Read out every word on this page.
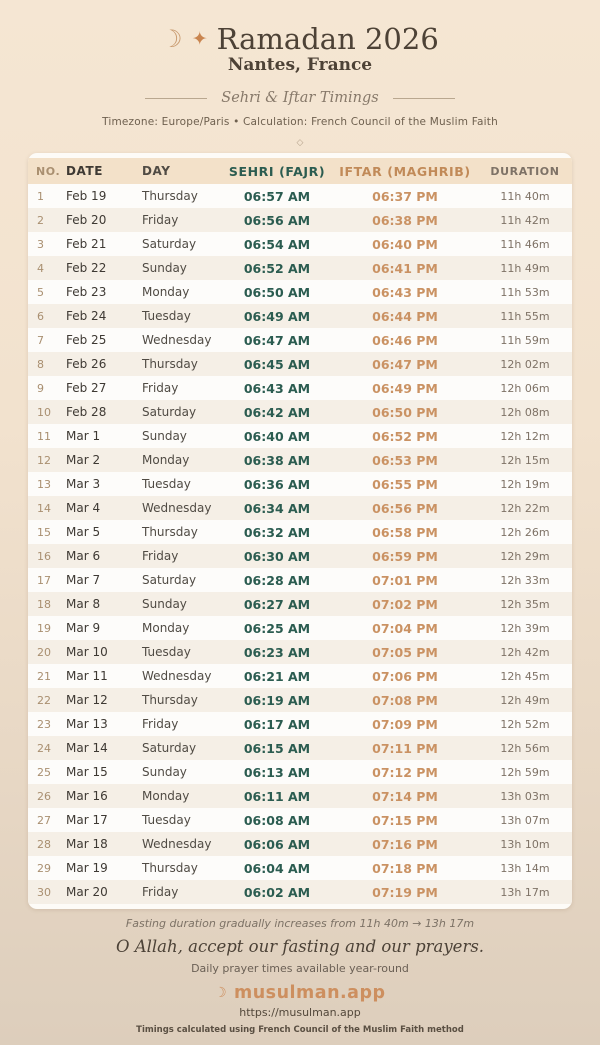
☾ ✦ Ramadan 2026
Nantes, France
Sehri & Iftar Timings
Timezone: Europe/Paris • Calculation: French Council of the Muslim Faith
◇
NO. DATE	DAY	SEHRI (FAJR)	IFTAR (MAGHRIB)	DURATION
1	Feb 19	Thursday	06:57 AM	06:37 PM	11h 40m
2	Feb 20	Friday	06:56 AM	06:38 PM	11h 42m
3	Feb 21	Saturday	06:54 AM	06:40 PM	11h 46m
4	Feb 22	Sunday	06:52 AM	06:41 PM	11h 49m
5	Feb 23	Monday	06:50 AM	06:43 PM	11h 53m
6	Feb 24	Tuesday	06:49 AM	06:44 PM	11h 55m
7	Feb 25	Wednesday	06:47 AM	06:46 PM	11h 59m
8	Feb 26	Thursday	06:45 AM	06:47 PM	12h 02m
9	Feb 27	Friday	06:43 AM	06:49 PM	12h 06m
10	Feb 28	Saturday	06:42 AM	06:50 PM	12h 08m
11	Mar 1	Sunday	06:40 AM	06:52 PM	12h 12m
12	Mar 2	Monday	06:38 AM	06:53 PM	12h 15m
13	Mar 3	Tuesday	06:36 AM	06:55 PM	12h 19m
14	Mar 4	Wednesday	06:34 AM	06:56 PM	12h 22m
15	Mar 5	Thursday	06:32 AM	06:58 PM	12h 26m
16	Mar 6	Friday	06:30 AM	06:59 PM	12h 29m
17	Mar 7	Saturday	06:28 AM	07:01 PM	12h 33m
18	Mar 8	Sunday	06:27 AM	07:02 PM	12h 35m
19	Mar 9	Monday	06:25 AM	07:04 PM	12h 39m
20	Mar 10	Tuesday	06:23 AM	07:05 PM	12h 42m
21	Mar 11	Wednesday	06:21 AM	07:06 PM	12h 45m
22	Mar 12	Thursday	06:19 AM	07:08 PM	12h 49m
23	Mar 13	Friday	06:17 AM	07:09 PM	12h 52m
24	Mar 14	Saturday	06:15 AM	07:11 PM	12h 56m
25	Mar 15	Sunday	06:13 AM	07:12 PM	12h 59m
26	Mar 16	Monday	06:11 AM	07:14 PM	13h 03m
27	Mar 17	Tuesday	06:08 AM	07:15 PM	13h 07m
28	Mar 18	Wednesday	06:06 AM	07:16 PM	13h 10m
29	Mar 19	Thursday	06:04 AM	07:18 PM	13h 14m
30	Mar 20	Friday	06:02 AM	07:19 PM	13h 17m
Fasting duration gradually increases from 11h 40m → 13h 17m
O Allah, accept our fasting and our prayers.
Daily prayer times available year-round
☾ musulman.app
https://musulman.app
Timings calculated using French Council of the Muslim Faith method
